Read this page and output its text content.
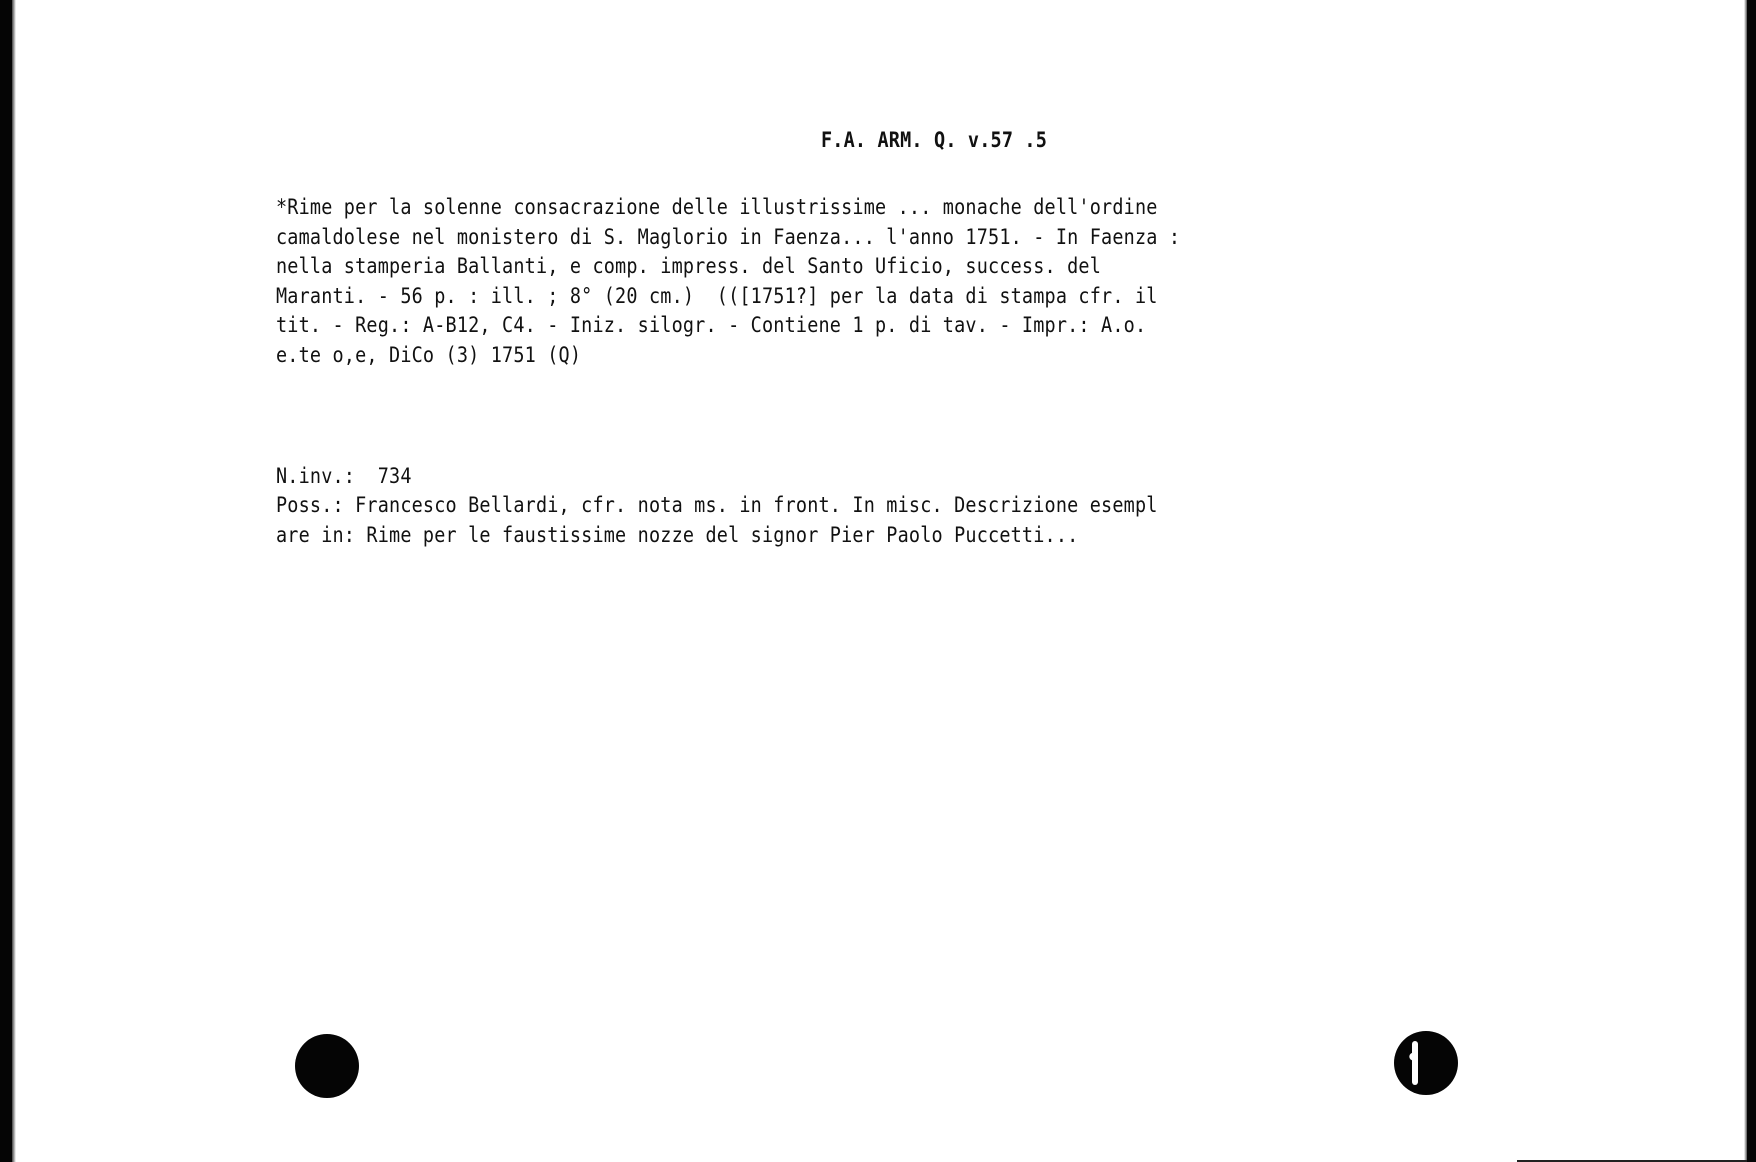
F.A. ARM. Q. v.57 .5
*Rime per la solenne consacrazione delle illustrissime ... monache dell'ordine
camaldolese nel monistero di S. Maglorio in Faenza... l'anno 1751. - In Faenza :
nella stamperia Ballanti, e comp. impress. del Santo Uficio, success. del
Maranti. - 56 p. : ill. ; 8° (20 cm.)  (([1751?] per la data di stampa cfr. il
tit. - Reg.: A-B12, C4. - Iniz. silogr. - Contiene 1 p. di tav. - Impr.: A.o.
e.te o,e, DiCo (3) 1751 (Q)
N.inv.:  734
Poss.: Francesco Bellardi, cfr. nota ms. in front. In misc. Descrizione esempl
are in: Rime per le faustissime nozze del signor Pier Paolo Puccetti...
